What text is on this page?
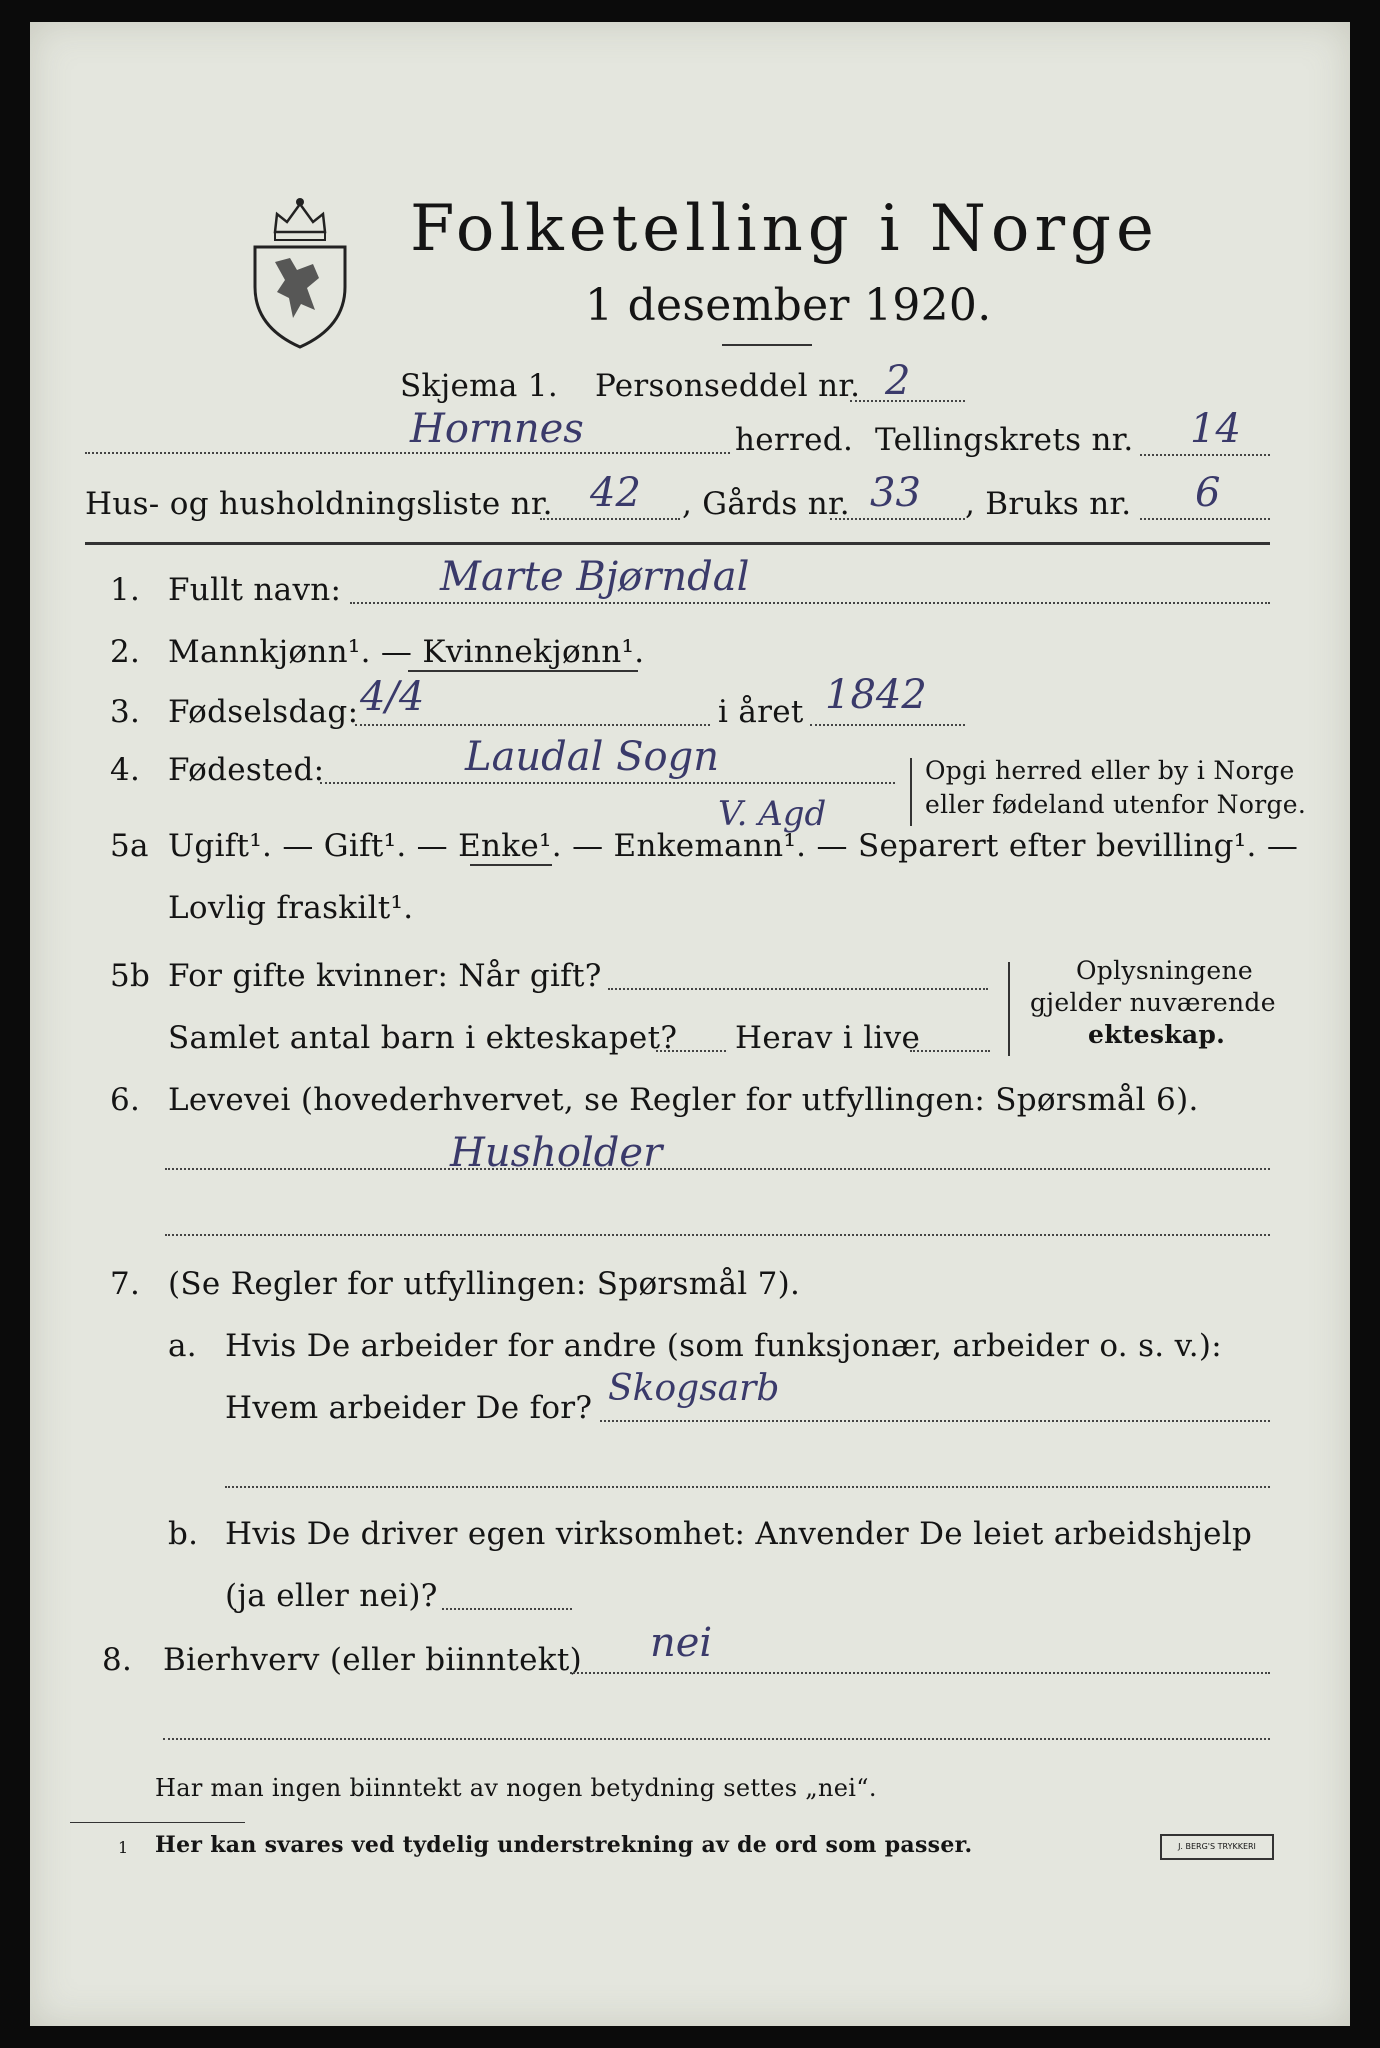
Folketelling i Norge
1 desember 1920.
Skjema 1. Personseddel nr. 2
Hornnes	herred. Tellingskrets nr. 14
Hus- og husholdningsliste nr. 42 , Gårds nr. 33 , Bruks nr. 6
1. Fullt navn: Marte Bjørndal
2. Mannkjønn¹. — Kvinnekjønn¹.
3. Fødselsdag: 4/4	i året 1842
4. Fødested:	Laudal Sogn	Opgi herred eller by i Norge
eller fødeland utenfor Norge.
V. Agd
5a Ugift¹. — Gift¹. — Enke¹. — Enkemann¹. — Separert efter bevilling¹. —
Lovlig fraskilt¹.
5b For gifte kvinner: Når gift?
Samlet antal barn i ekteskapet? Herav i live
Oplysningene
gjelder nuværende
ekteskap.
6. Levevei (hovederhvervet, se Regler for utfyllingen: Spørsmål 6).
Husholder
7. (Se Regler for utfyllingen: Spørsmål 7).
a. Hvis De arbeider for andre (som funksjonær, arbeider o. s. v.):
Hvem arbeider De for? Skogsarb
b. Hvis De driver egen virksomhet: Anvender De leiet arbeidshjelp
(ja eller nei)?
8. Bierhverv (eller biinntekt) nei
Har man ingen biinntekt av nogen betydning settes „nei“.
1 Her kan svares ved tydelig understrekning av de ord som passer.	J. BERG'S TRYKKERI
